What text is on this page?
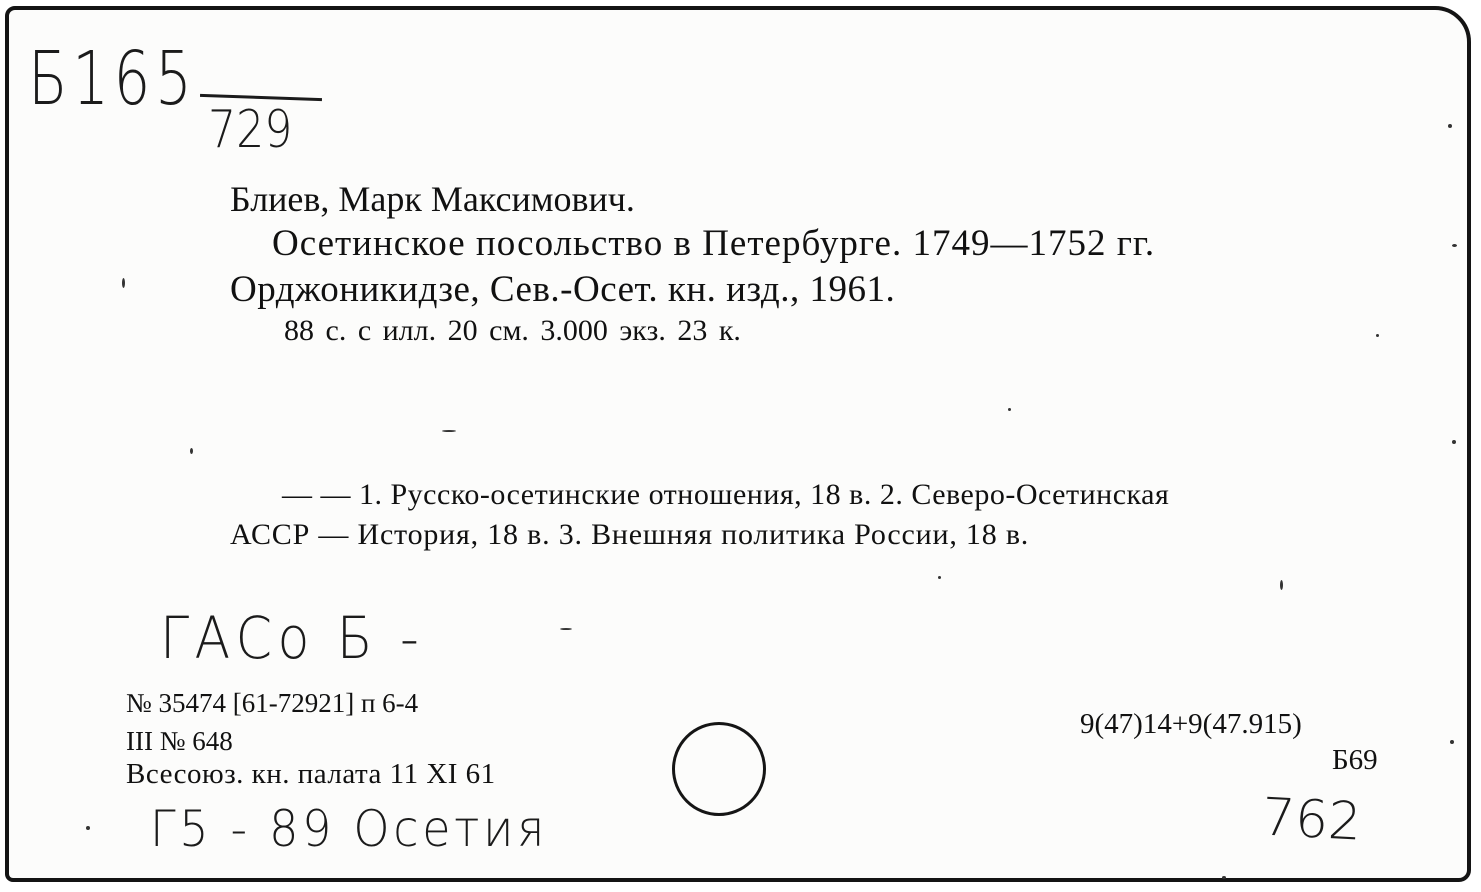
Б165
729
Блиев, Марк Максимович.
Осетинское посольство в Петербурге. 1749—1752 гг.
Орджоникидзе, Сев.-Осет. кн. изд., 1961.
88 с. с илл. 20 см. 3.000 экз. 23 к.
— — 1. Русско-осетинские отношения, 18 в. 2. Северо-Осетинская
АССР — История, 18 в. 3. Внешняя политика России, 18 в.
ГАСо Б -
№ 35474 [61-72921] п 6-4
III № 648
Всесоюз. кн. палата 11 XI 61
Г5 - 89 Осетия
9(47)14+9(47.915)
Б69
762
